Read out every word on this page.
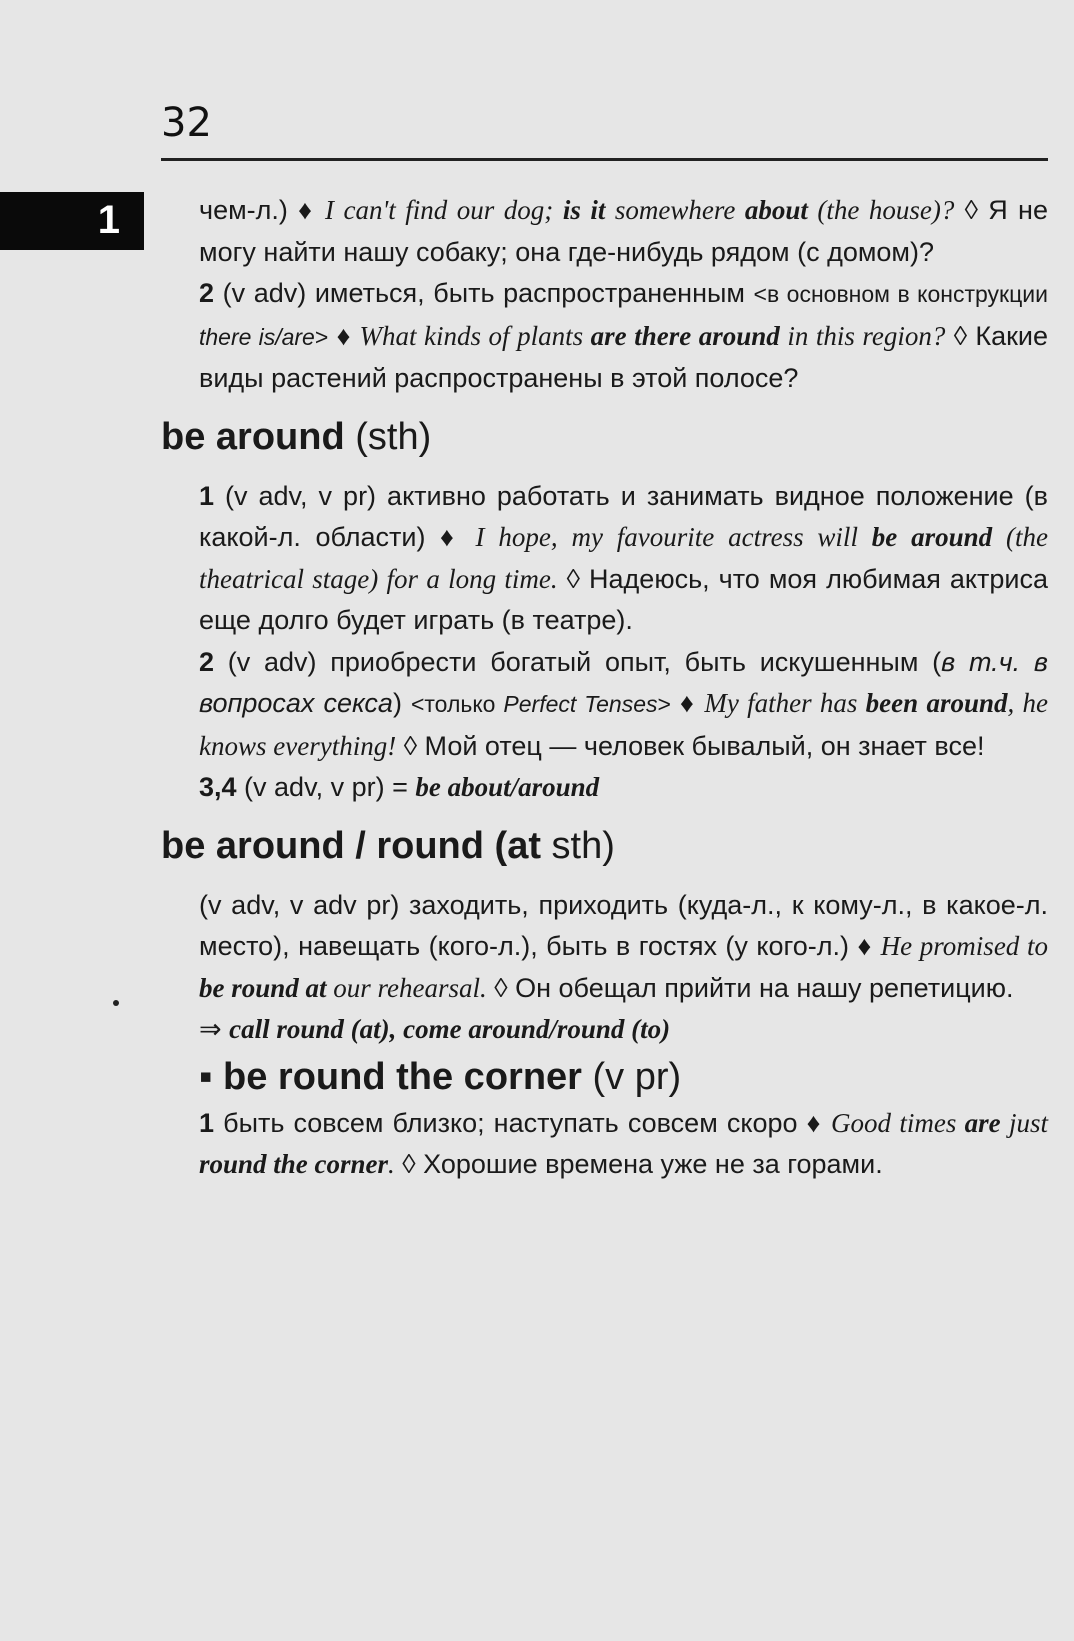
32
1	чем-л.) ♦ I can't find our dog; is it somewhere about (the house)? ◊ Я не могу найти нашу собаку; она где-нибудь рядом (с домом)?

2 (v adv) иметься, быть распространенным <в основном в конструкции there is/are> ♦ What kinds of plants are there around in this region? ◊ Какие виды растений распространены в этой полосе?

be around (sth)

1 (v adv, v pr) активно работать и занимать видное положение (в какой-л. области) ♦ I hope, my favourite actress will be around (the theatrical stage) for a long time. ◊ Надеюсь, что моя любимая актриса еще долго будет играть (в театре).

2 (v adv) приобрести богатый опыт, быть искушенным (в т.ч. в вопросах секса) <только Perfect Tenses> ♦ My father has been around, he knows everything! ◊ Мой отец — человек бывалый, он знает все!

3,4 (v adv, v pr) = be about/around

be around / round (at sth)

(v adv, v adv pr) заходить, приходить (куда-л., к кому-л., в какое-л. место), навещать (кого-л.), быть в гостях (у кого-л.) ♦ He promised to be round at our rehearsal. ◊ Он обещал прийти на нашу репетицию.

⇒ call round (at), come around/round (to)

▪ be round the corner (v pr)

1 быть совсем близко; наступать совсем скоро ♦ Good times are just round the corner. ◊ Хорошие времена уже не за горами.
